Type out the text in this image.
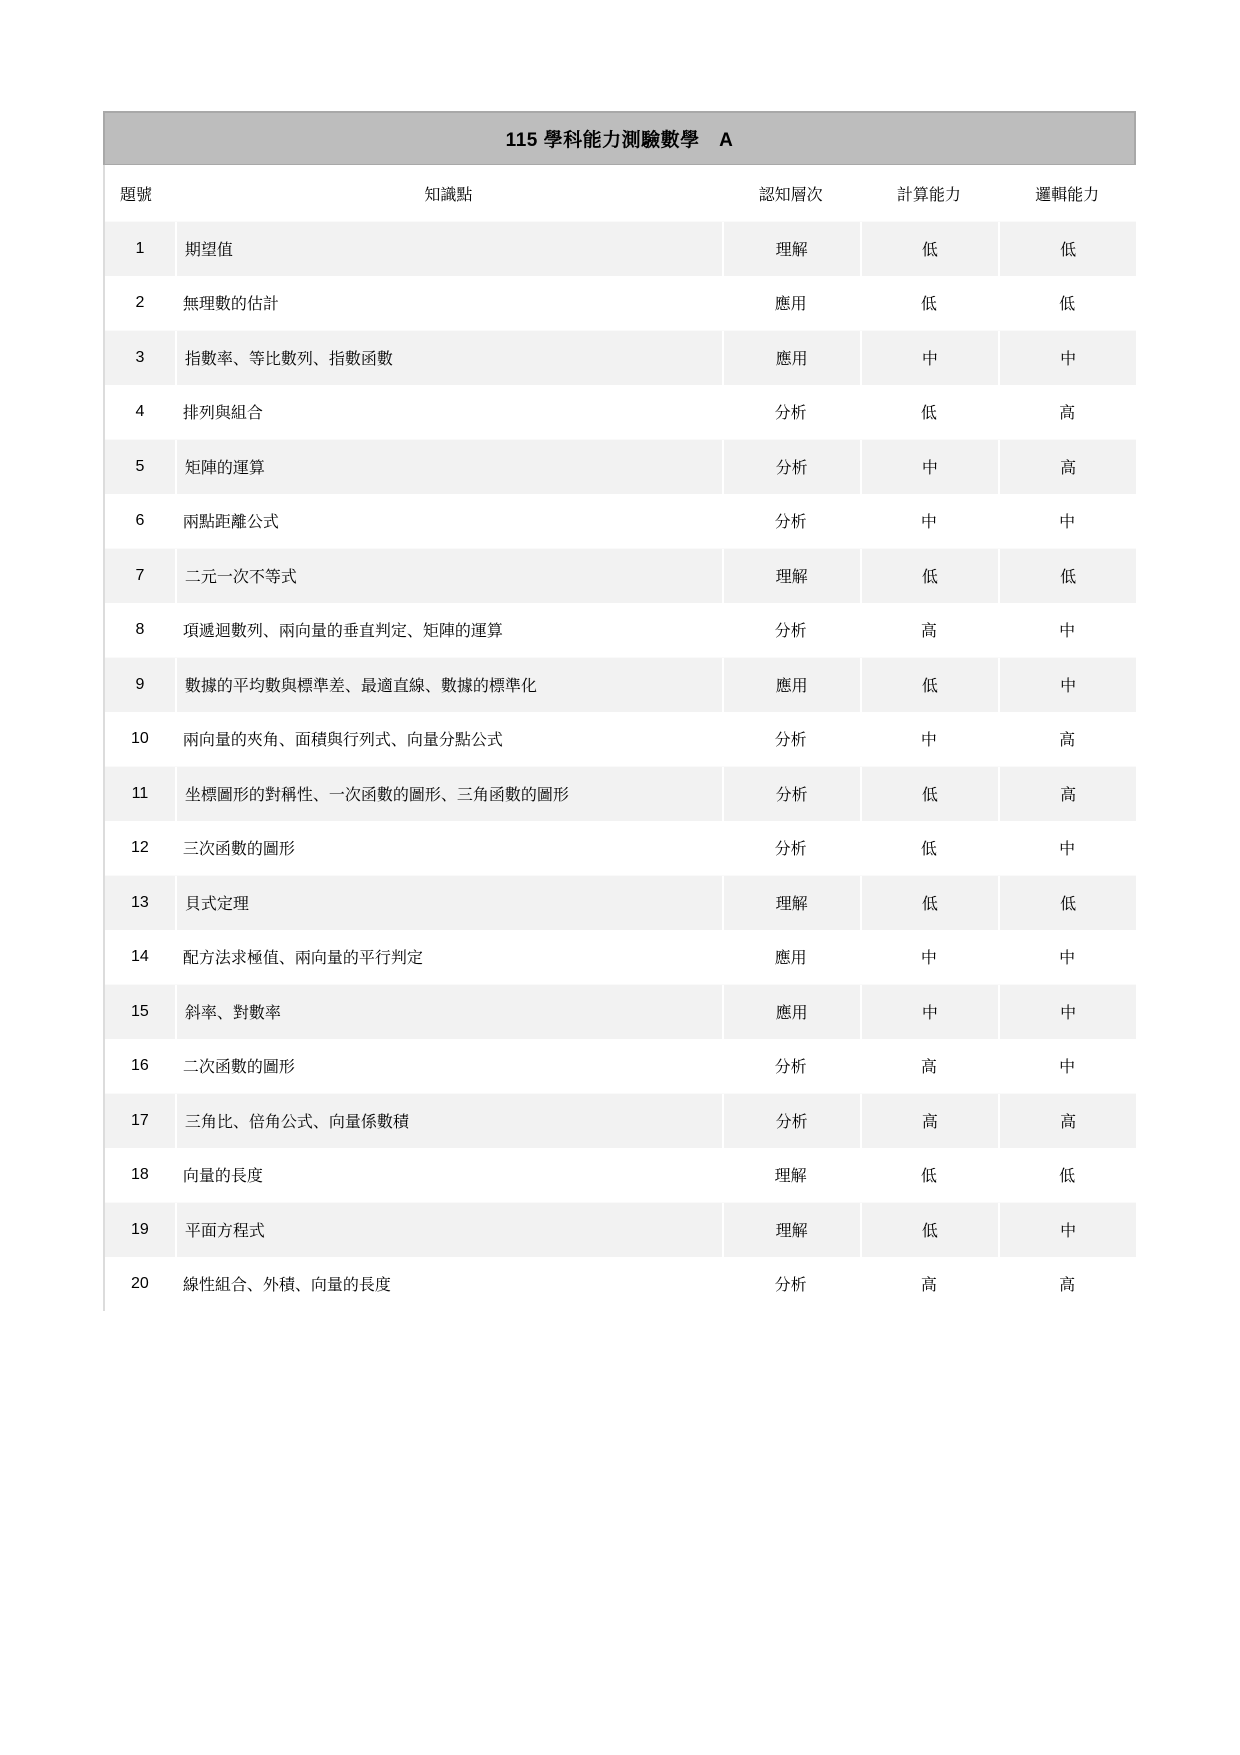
115 學科能力測驗數學　A
題號	知識點	認知層次	計算能力	邏輯能力
1	期望值	理解	低	低
2	無理數的估計	應用	低	低
3	指數率、等比數列、指數函數	應用	中	中
4	排列與組合	分析	低	高
5	矩陣的運算	分析	中	高
6	兩點距離公式	分析	中	中
7	二元一次不等式	理解	低	低
8	項遞迴數列、兩向量的垂直判定、矩陣的運算	分析	高	中
9	數據的平均數與標準差、最適直線、數據的標準化	應用	低	中
10	兩向量的夾角、面積與行列式、向量分點公式	分析	中	高
11	坐標圖形的對稱性、一次函數的圖形、三角函數的圖形	分析	低	高
12	三次函數的圖形	分析	低	中
13	貝式定理	理解	低	低
14	配方法求極值、兩向量的平行判定	應用	中	中
15	斜率、對數率	應用	中	中
16	二次函數的圖形	分析	高	中
17	三角比、倍角公式、向量係數積	分析	高	高
18	向量的長度	理解	低	低
19	平面方程式	理解	低	中
20	線性組合、外積、向量的長度	分析	高	高
